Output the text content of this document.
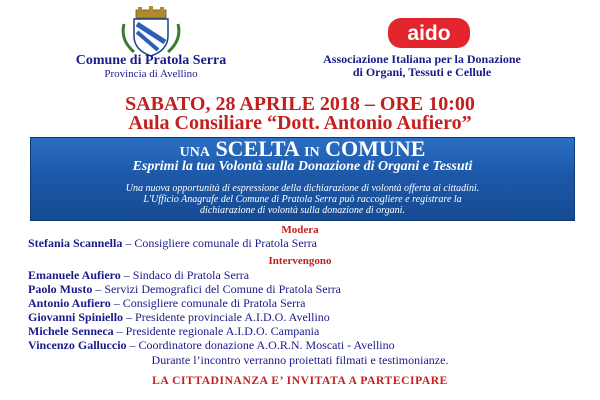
Comune di Pratola Serra
Provincia di Avellino
aido
Associazione Italiana per la Donazione
di Organi, Tessuti e Cellule
SABATO, 28 APRILE 2018 – ORE 10:00
Aula Consiliare “Dott. Antonio Aufiero”
UNA SCELTA IN COMUNE
Esprimi la tua Volontà sulla Donazione di Organi e Tessuti
Una nuova opportunità di espressione della dichiarazione di volontà offerta ai cittadini.
L'Ufficio Anagrafe del Comune di Pratola Serra può raccogliere e registrare la
dichiarazione di volontà sulla donazione di organi.
Modera
Stefania Scannella – Consigliere comunale di Pratola Serra
Intervengono
Emanuele Aufiero – Sindaco di Pratola Serra
Paolo Musto – Servizi Demografici del Comune di Pratola Serra
Antonio Aufiero – Consigliere comunale di Pratola Serra
Giovanni Spiniello – Presidente provinciale A.I.D.O. Avellino
Michele Senneca – Presidente regionale A.I.D.O. Campania
Vincenzo Galluccio – Coordinatore donazione A.O.R.N. Moscati - Avellino
Durante l’incontro verranno proiettati filmati e testimonianze.
LA CITTADINANZA E’ INVITATA A PARTECIPARE
